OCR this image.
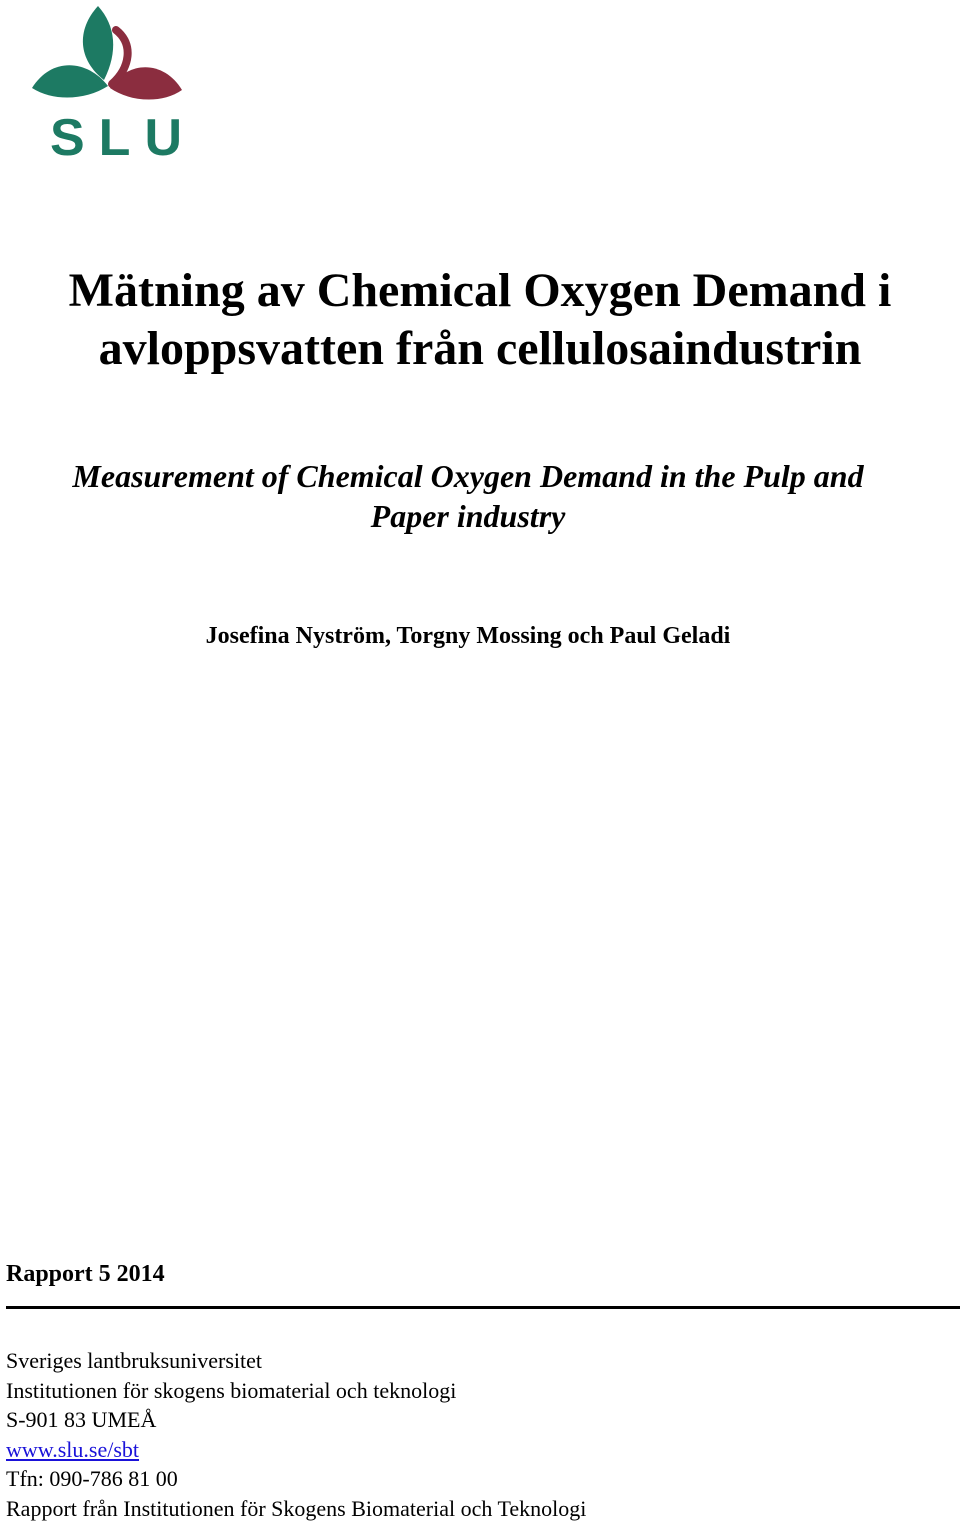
SLU
Mätning av Chemical Oxygen Demand i
avloppsvatten från cellulosaindustrin
Measurement of Chemical Oxygen Demand in the Pulp and
Paper industry

Josefina Nyström, Torgny Mossing och Paul Geladi

Rapport 5 2014

Sveriges lantbruksuniversitet
Institutionen för skogens biomaterial och teknologi
S-901 83 UMEÅ
www.slu.se/sbt
Tfn: 090-786 81 00
Rapport från Institutionen för Skogens Biomaterial och Teknologi
